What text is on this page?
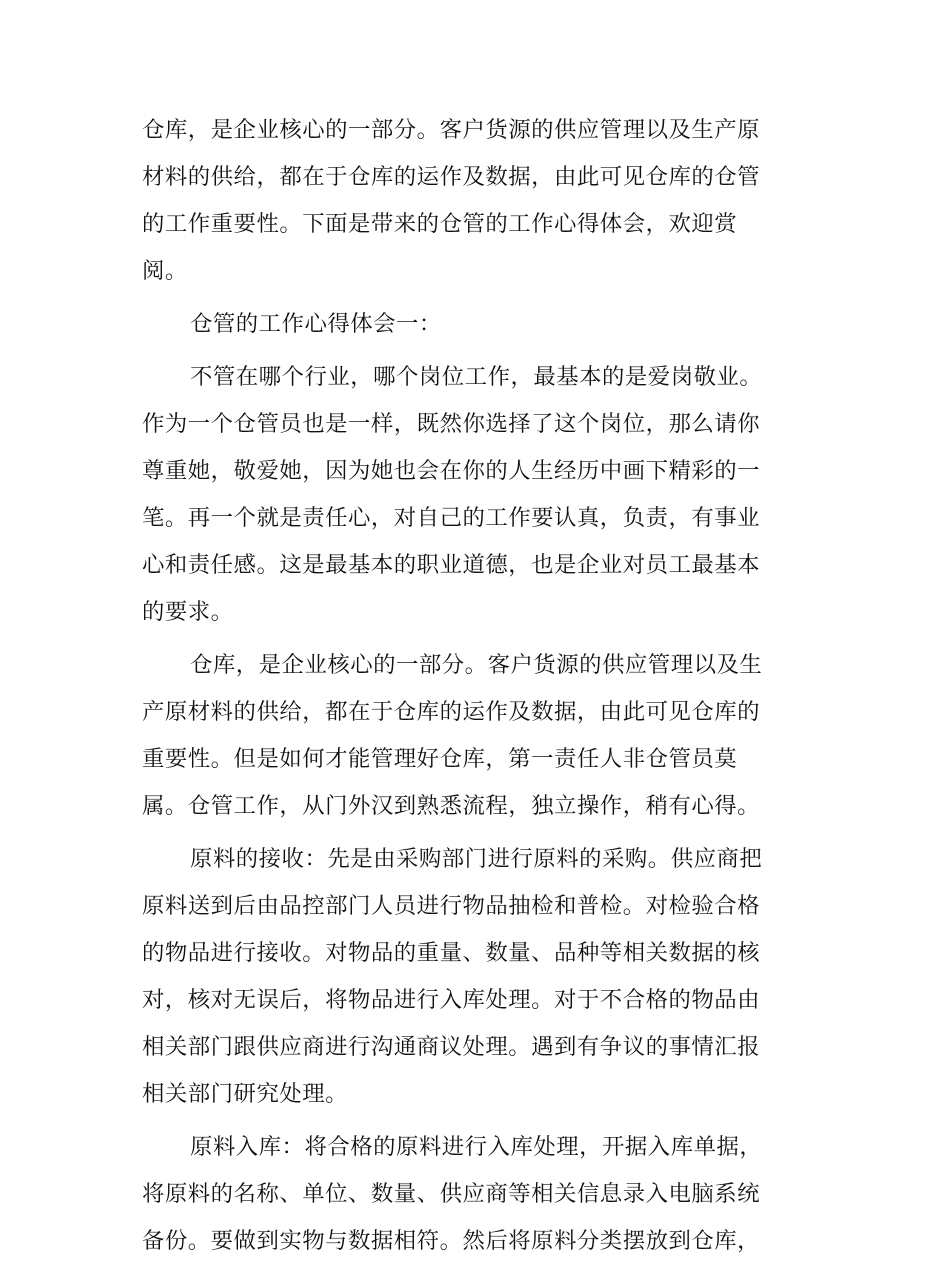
仓库，是企业核心的一部分。客户货源的供应管理以及生产原
材料的供给，都在于仓库的运作及数据，由此可见仓库的仓管
的工作重要性。下面是带来的仓管的工作心得体会，欢迎赏
阅。
仓管的工作心得体会一：
不管在哪个行业，哪个岗位工作，最基本的是爱岗敬业。
作为一个仓管员也是一样，既然你选择了这个岗位，那么请你
尊重她，敬爱她，因为她也会在你的人生经历中画下精彩的一
笔。再一个就是责任心，对自己的工作要认真，负责，有事业
心和责任感。这是最基本的职业道德，也是企业对员工最基本
的要求。
仓库，是企业核心的一部分。客户货源的供应管理以及生
产原材料的供给，都在于仓库的运作及数据，由此可见仓库的
重要性。但是如何才能管理好仓库，第一责任人非仓管员莫
属。仓管工作，从门外汉到熟悉流程，独立操作，稍有心得。
原料的接收：先是由采购部门进行原料的采购。供应商把
原料送到后由品控部门人员进行物品抽检和普检。对检验合格
的物品进行接收。对物品的重量、数量、品种等相关数据的核
对，核对无误后，将物品进行入库处理。对于不合格的物品由
相关部门跟供应商进行沟通商议处理。遇到有争议的事情汇报
相关部门研究处理。
原料入库：将合格的原料进行入库处理，开据入库单据，
将原料的名称、单位、数量、供应商等相关信息录入电脑系统
备份。要做到实物与数据相符。然后将原料分类摆放到仓库，
